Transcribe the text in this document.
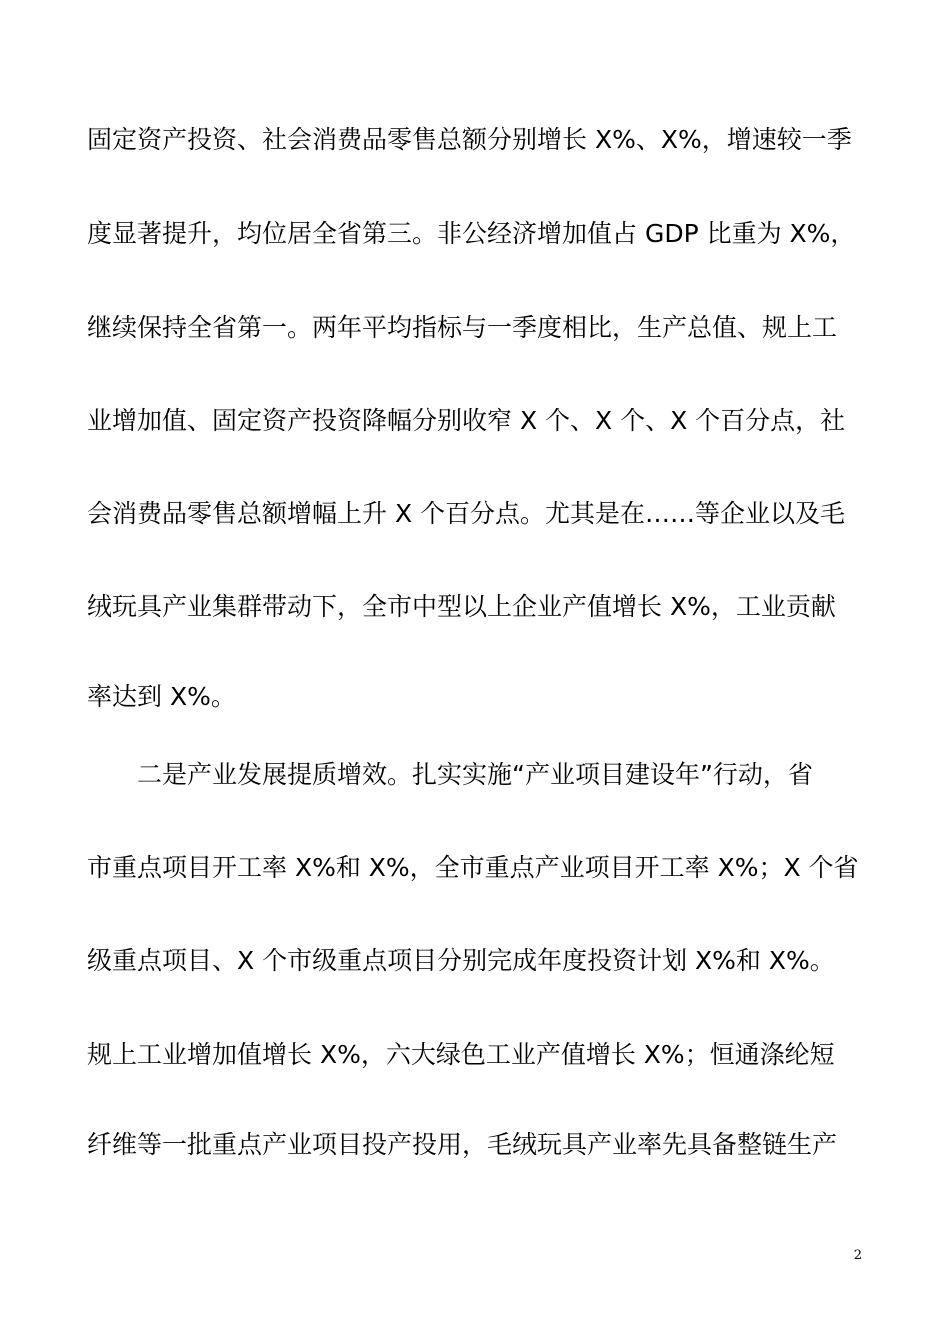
固定资产投资、社会消费品零售总额分别增长 X%、X%，增速较一季
度显著提升，均位居全省第三。非公经济增加值占 GDP 比重为 X%，
继续保持全省第一。两年平均指标与一季度相比，生产总值、规上工
业增加值、固定资产投资降幅分别收窄 X 个、X 个、X 个百分点，社
会消费品零售总额增幅上升 X 个百分点。尤其是在……等企业以及毛
绒玩具产业集群带动下，全市中型以上企业产值增长 X%，工业贡献
率达到 X%。
二是产业发展提质增效。扎实实施“产业项目建设年”行动，省
市重点项目开工率 X%和 X%，全市重点产业项目开工率 X%；X 个省
级重点项目、X 个市级重点项目分别完成年度投资计划 X%和 X%。
规上工业增加值增长 X%，六大绿色工业产值增长 X%；恒通涤纶短
纤维等一批重点产业项目投产投用，毛绒玩具产业率先具备整链生产
2
